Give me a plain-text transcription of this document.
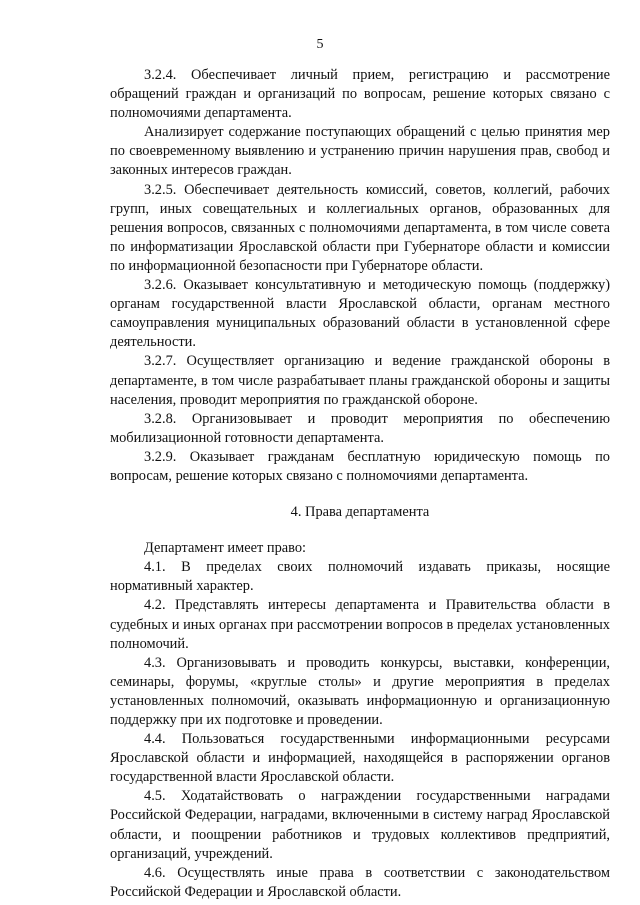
5

3.2.4. Обеспечивает личный прием, регистрацию и рассмотрение обращений граждан и организаций по вопросам, решение которых связано с полномочиями департамента.

Анализирует содержание поступающих обращений с целью принятия мер по своевременному выявлению и устранению причин нарушения прав, свобод и законных интересов граждан.

3.2.5. Обеспечивает деятельность комиссий, советов, коллегий, рабочих групп, иных совещательных и коллегиальных органов, образованных для решения вопросов, связанных с полномочиями департамента, в том числе совета по информатизации Ярославской области при Губернаторе области и комиссии по информационной безопасности при Губернаторе области.

3.2.6. Оказывает консультативную и методическую помощь (поддержку) органам государственной власти Ярославской области, органам местного самоуправления муниципальных образований области в установленной сфере деятельности.

3.2.7. Осуществляет организацию и ведение гражданской обороны в департаменте, в том числе разрабатывает планы гражданской обороны и защиты населения, проводит мероприятия по гражданской обороне.

3.2.8. Организовывает и проводит мероприятия по обеспечению мобилизационной готовности департамента.

3.2.9. Оказывает гражданам бесплатную юридическую помощь по вопросам, решение которых связано с полномочиями департамента.

4. Права департамента

Департамент имеет право:

4.1. В пределах своих полномочий издавать приказы, носящие нормативный характер.

4.2. Представлять интересы департамента и Правительства области в судебных и иных органах при рассмотрении вопросов в пределах установленных полномочий.

4.3. Организовывать и проводить конкурсы, выставки, конференции, семинары, форумы, «круглые столы» и другие мероприятия в пределах установленных полномочий, оказывать информационную и организационную поддержку при их подготовке и проведении.

4.4. Пользоваться государственными информационными ресурсами Ярославской области и информацией, находящейся в распоряжении органов государственной власти Ярославской области.

4.5. Ходатайствовать о награждении государственными наградами Российской Федерации, наградами, включенными в систему наград Ярославской области, и поощрении работников и трудовых коллективов предприятий, организаций, учреждений.

4.6. Осуществлять иные права в соответствии с законодательством Российской Федерации и Ярославской области.
